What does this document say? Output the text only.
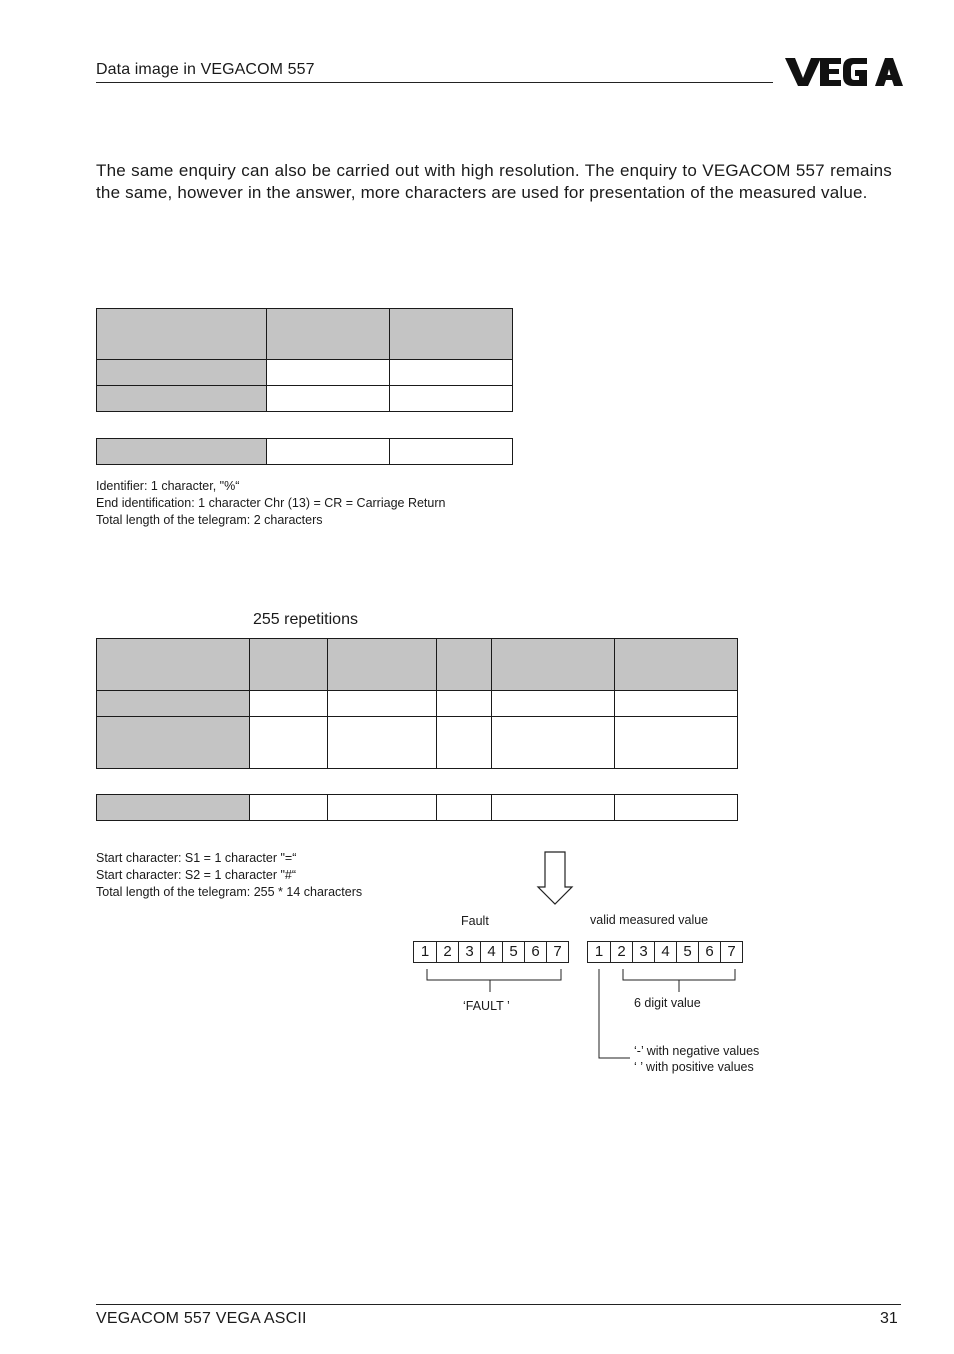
Data image in VEGACOM 557
The same enquiry can also be carried out with high resolution. The enquiry to VEGACOM 557 remains the same, however in the answer, more characters are used for presentation of the measured value.

Identifier: 1 character, "%“
End identification: 1 character Chr (13) = CR = Carriage Return
Total length of the telegram: 2 characters
255 repetitions

Start character: S1 = 1 character "=“
Start character: S2 = 1 character "#“
Total length of the telegram: 255 * 14 characters
Fault	valid measured value
1 2 3 4 5 6 7	1 2 3 4 5 6 7
‘FAULT ’	6 digit value
‘-’ with negative values
‘ ’ with positive values
VEGACOM 557 VEGA ASCII	31
